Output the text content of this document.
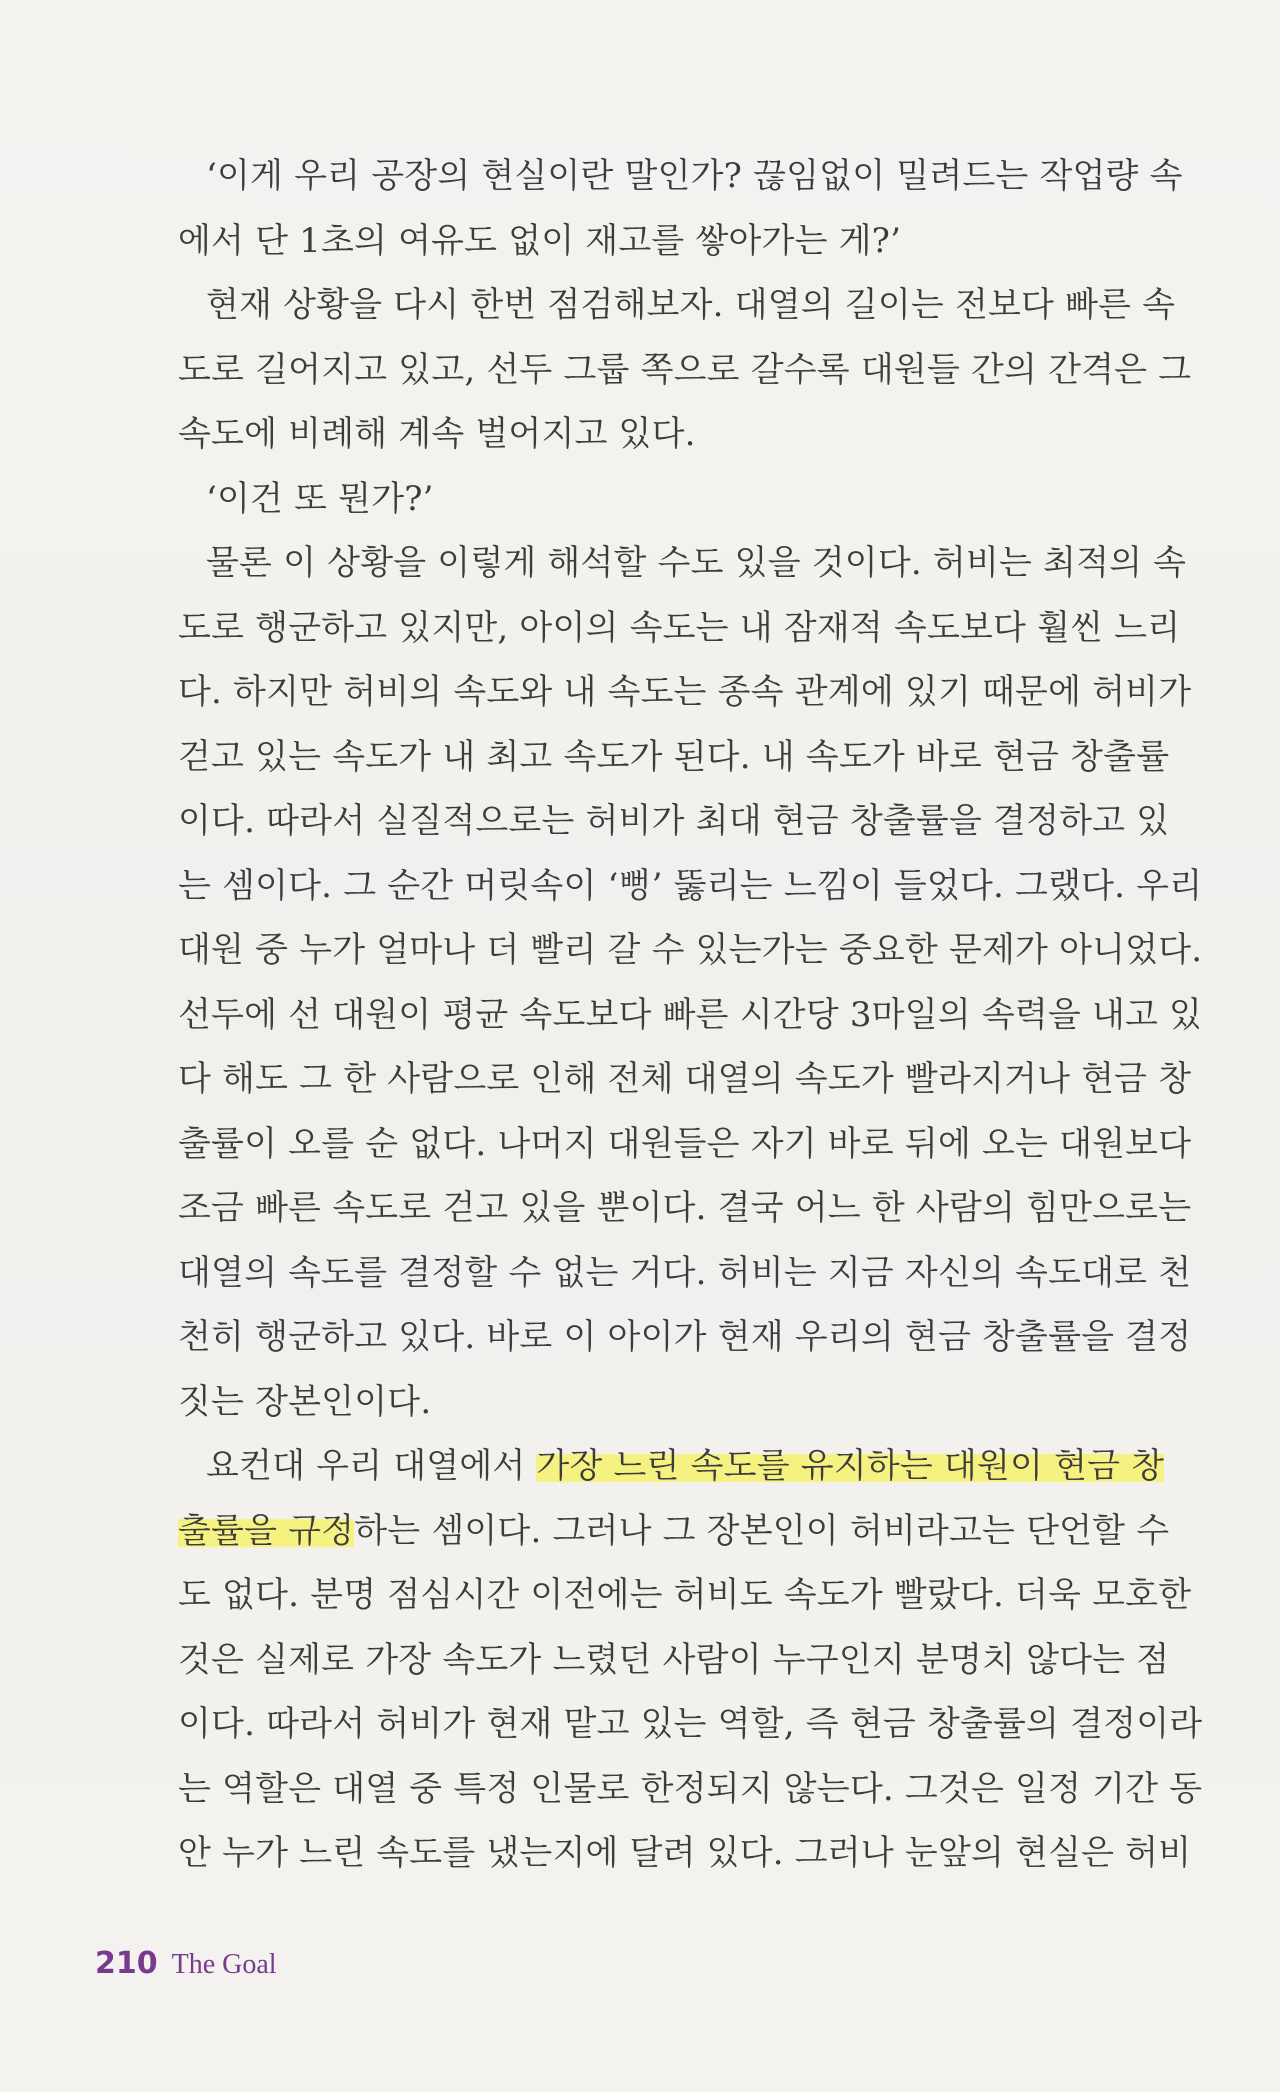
‘이게 우리 공장의 현실이란 말인가? 끊임없이 밀려드는 작업량 속
에서 단 1초의 여유도 없이 재고를 쌓아가는 게?’
현재 상황을 다시 한번 점검해보자. 대열의 길이는 전보다 빠른 속
도로 길어지고 있고, 선두 그룹 쪽으로 갈수록 대원들 간의 간격은 그
속도에 비례해 계속 벌어지고 있다.
‘이건 또 뭔가?’
물론 이 상황을 이렇게 해석할 수도 있을 것이다. 허비는 최적의 속
도로 행군하고 있지만, 아이의 속도는 내 잠재적 속도보다 훨씬 느리
다. 하지만 허비의 속도와 내 속도는 종속 관계에 있기 때문에 허비가
걷고 있는 속도가 내 최고 속도가 된다. 내 속도가 바로 현금 창출률
이다. 따라서 실질적으로는 허비가 최대 현금 창출률을 결정하고 있
는 셈이다. 그 순간 머릿속이 ‘뻥’ 뚫리는 느낌이 들었다. 그랬다. 우리
대원 중 누가 얼마나 더 빨리 갈 수 있는가는 중요한 문제가 아니었다.
선두에 선 대원이 평균 속도보다 빠른 시간당 3마일의 속력을 내고 있
다 해도 그 한 사람으로 인해 전체 대열의 속도가 빨라지거나 현금 창
출률이 오를 순 없다. 나머지 대원들은 자기 바로 뒤에 오는 대원보다
조금 빠른 속도로 걷고 있을 뿐이다. 결국 어느 한 사람의 힘만으로는
대열의 속도를 결정할 수 없는 거다. 허비는 지금 자신의 속도대로 천
천히 행군하고 있다. 바로 이 아이가 현재 우리의 현금 창출률을 결정
짓는 장본인이다.
요컨대 우리 대열에서 가장 느린 속도를 유지하는 대원이 현금 창
출률을 규정하는 셈이다. 그러나 그 장본인이 허비라고는 단언할 수
도 없다. 분명 점심시간 이전에는 허비도 속도가 빨랐다. 더욱 모호한
것은 실제로 가장 속도가 느렸던 사람이 누구인지 분명치 않다는 점
이다. 따라서 허비가 현재 맡고 있는 역할, 즉 현금 창출률의 결정이라
는 역할은 대열 중 특정 인물로 한정되지 않는다. 그것은 일정 기간 동
안 누가 느린 속도를 냈는지에 달려 있다. 그러나 눈앞의 현실은 허비
210 The Goal
